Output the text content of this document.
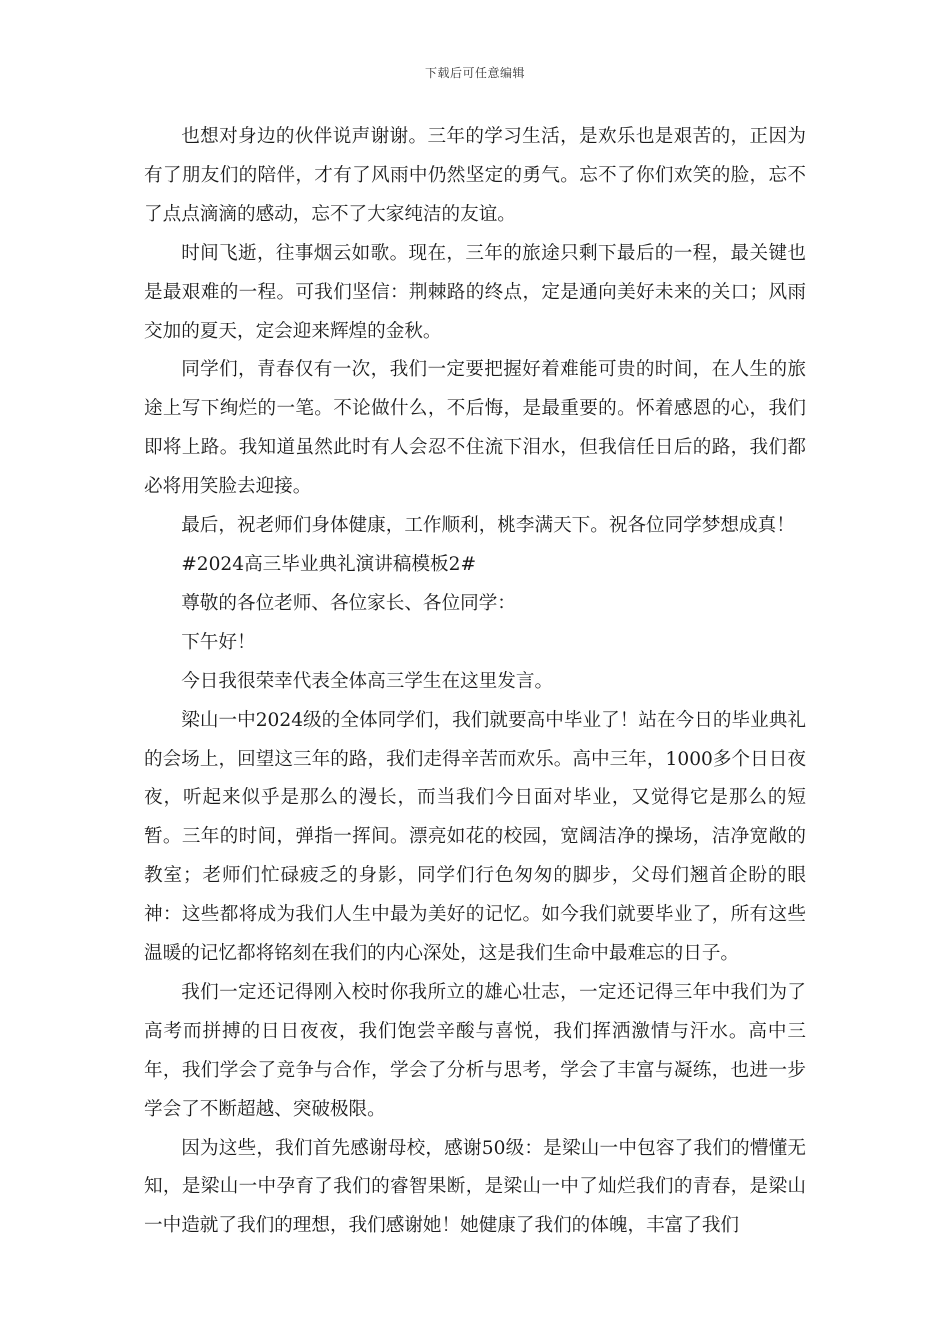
下载后可任意编辑

也想对身边的伙伴说声谢谢。三年的学习生活，是欢乐也是艰苦的，正因为有了朋友们的陪伴，才有了风雨中仍然坚定的勇气。忘不了你们欢笑的脸，忘不了点点滴滴的感动，忘不了大家纯洁的友谊。

时间飞逝，往事烟云如歌。现在，三年的旅途只剩下最后的一程，最关键也是最艰难的一程。可我们坚信：荆棘路的终点，定是通向美好未来的关口；风雨交加的夏天，定会迎来辉煌的金秋。

同学们，青春仅有一次，我们一定要把握好着难能可贵的时间，在人生的旅途上写下绚烂的一笔。不论做什么，不后悔，是最重要的。怀着感恩的心，我们即将上路。我知道虽然此时有人会忍不住流下泪水，但我信任日后的路，我们都必将用笑脸去迎接。

最后，祝老师们身体健康，工作顺利，桃李满天下。祝各位同学梦想成真！

#2024高三毕业典礼演讲稿模板2#

尊敬的各位老师、各位家长、各位同学：

下午好！

今日我很荣幸代表全体高三学生在这里发言。

梁山一中2024级的全体同学们，我们就要高中毕业了！站在今日的毕业典礼的会场上，回望这三年的路，我们走得辛苦而欢乐。高中三年，1000多个日日夜夜，听起来似乎是那么的漫长，而当我们今日面对毕业，又觉得它是那么的短暂。三年的时间，弹指一挥间。漂亮如花的校园，宽阔洁净的操场，洁净宽敞的教室；老师们忙碌疲乏的身影，同学们行色匆匆的脚步，父母们翘首企盼的眼神：这些都将成为我们人生中最为美好的记忆。如今我们就要毕业了，所有这些温暖的记忆都将铭刻在我们的内心深处，这是我们生命中最难忘的日子。

我们一定还记得刚入校时你我所立的雄心壮志，一定还记得三年中我们为了高考而拼搏的日日夜夜，我们饱尝辛酸与喜悦，我们挥洒激情与汗水。高中三年，我们学会了竞争与合作，学会了分析与思考，学会了丰富与凝练，也进一步学会了不断超越、突破极限。

因为这些，我们首先感谢母校，感谢50级：是梁山一中包容了我们的懵懂无知，是梁山一中孕育了我们的睿智果断，是梁山一中了灿烂我们的青春，是梁山一中造就了我们的理想，我们感谢她！她健康了我们的体魄，丰富了我们
